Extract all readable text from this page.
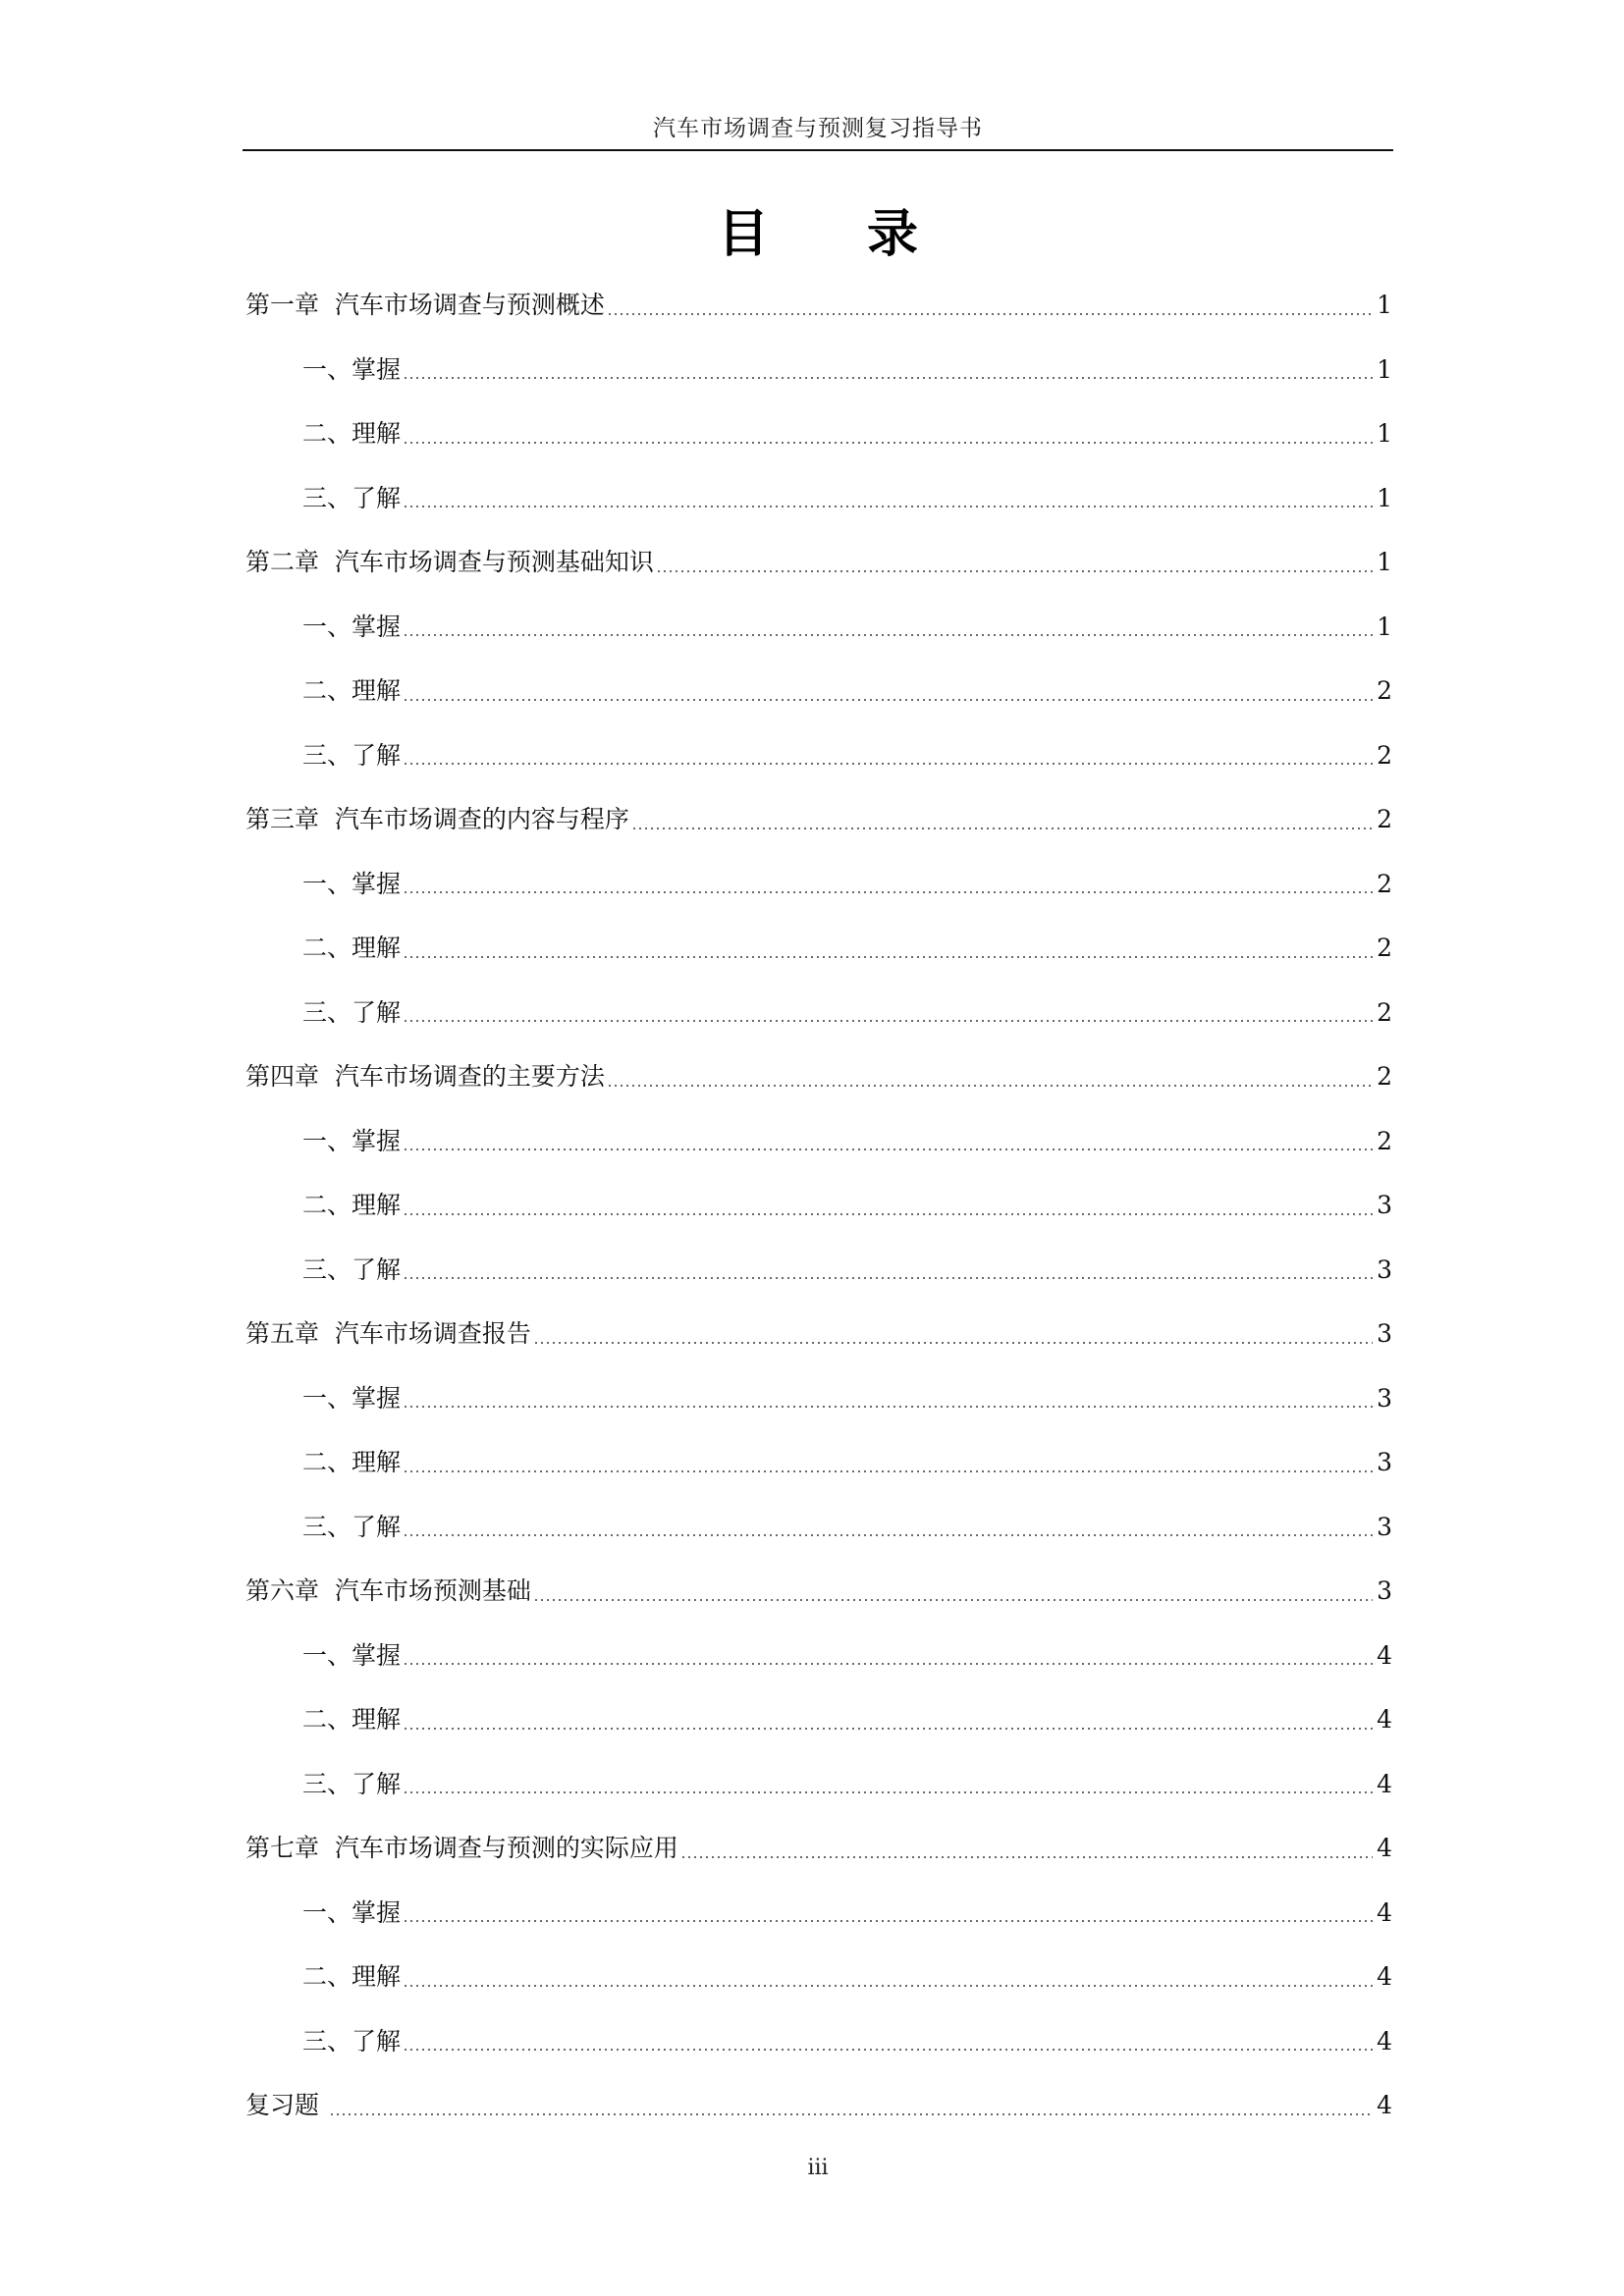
汽车市场调查与预测复习指导书
目 录
第一章  汽车市场调查与预测概述	1
一、掌握	1
二、理解	1
三、了解	1
第二章  汽车市场调查与预测基础知识	1
一、掌握	1
二、理解	2
三、了解	2
第三章  汽车市场调查的内容与程序	2
一、掌握	2
二、理解	2
三、了解	2
第四章  汽车市场调查的主要方法	2
一、掌握	2
二、理解	3
三、了解	3
第五章  汽车市场调查报告	3
一、掌握	3
二、理解	3
三、了解	3
第六章  汽车市场预测基础	3
一、掌握	4
二、理解	4
三、了解	4
第七章  汽车市场调查与预测的实际应用	4
一、掌握	4
二、理解	4
三、了解	4
复习题	4
iii
